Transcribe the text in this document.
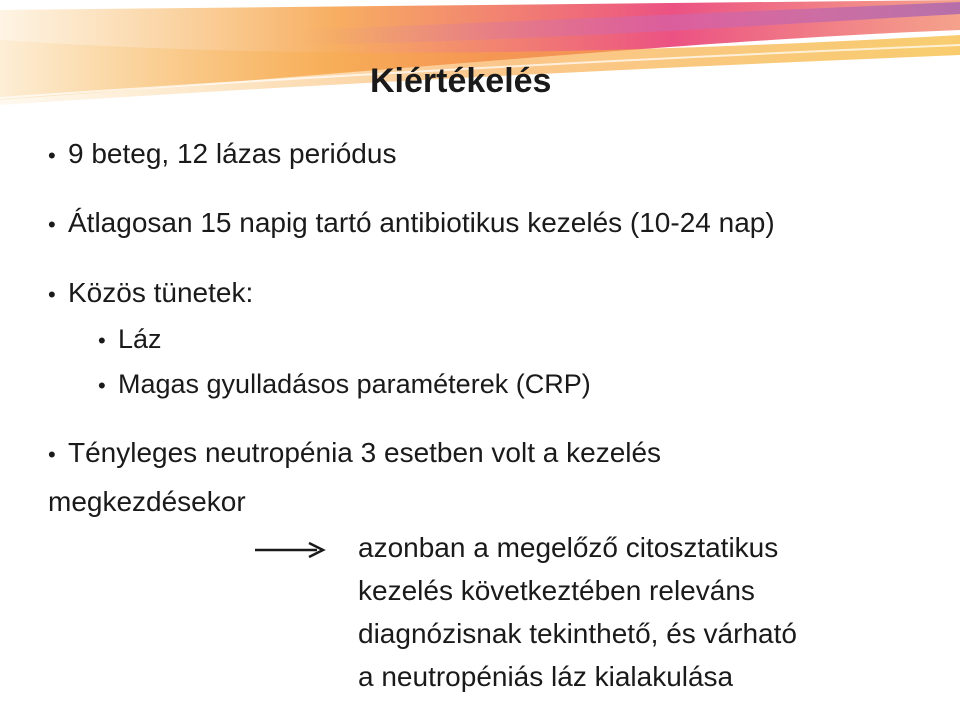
Kiértékelés

• 9 beteg, 12 lázas periódus

• Átlagosan 15 napig tartó antibiotikus kezelés (10-24 nap)

• Közös tünetek:

• Láz

• Magas gyulladásos paraméterek (CRP)

• Tényleges neutropénia 3 esetben volt a kezelés

megkezdésekor
azonban a megelőző citosztatikus
kezelés következtében releváns
diagnózisnak tekinthető, és várható
a neutropéniás láz kialakulása
